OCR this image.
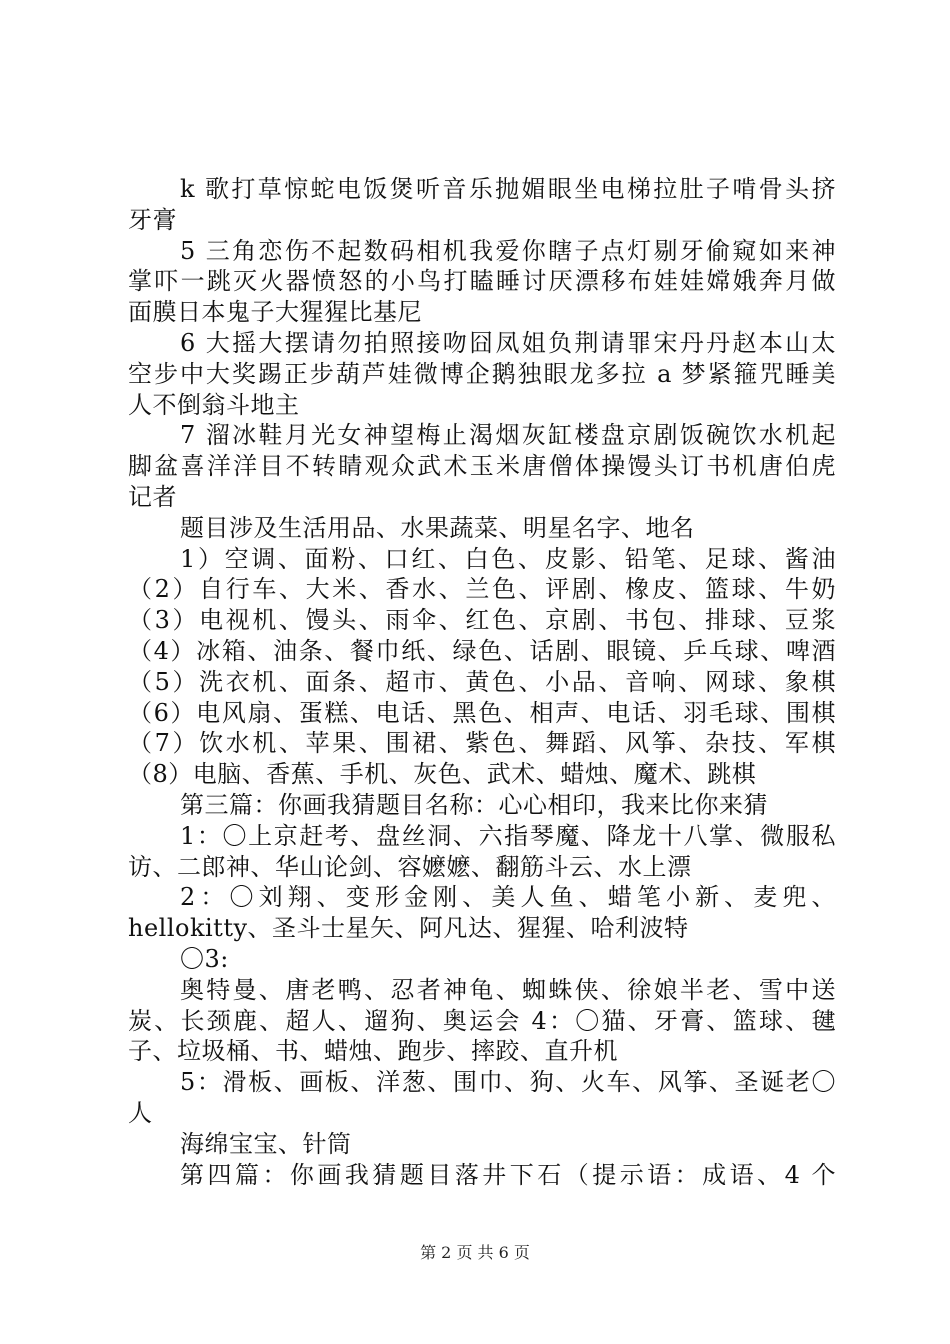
k 歌打草惊蛇电饭煲听音乐抛媚眼坐电梯拉肚子啃骨头挤
牙膏
5 三角恋伤不起数码相机我爱你瞎子点灯剔牙偷窥如来神
掌吓一跳灭火器愤怒的小鸟打瞌睡讨厌漂移布娃娃嫦娥奔月做
面膜日本鬼子大猩猩比基尼
6 大摇大摆请勿拍照接吻囧凤姐负荆请罪宋丹丹赵本山太
空步中大奖踢正步葫芦娃微博企鹅独眼龙多拉 a 梦紧箍咒睡美
人不倒翁斗地主
7 溜冰鞋月光女神望梅止渴烟灰缸楼盘京剧饭碗饮水机起
脚盆喜洋洋目不转睛观众武术玉米唐僧体操馒头订书机唐伯虎
记者
题目涉及生活用品、水果蔬菜、明星名字、地名
1）空调、面粉、口红、白色、皮影、铅笔、足球、酱油
（2）自行车、大米、香水、兰色、评剧、橡皮、篮球、牛奶
（3）电视机、馒头、雨伞、红色、京剧、书包、排球、豆浆
（4）冰箱、油条、餐巾纸、绿色、话剧、眼镜、乒乓球、啤酒
（5）洗衣机、面条、超市、黄色、小品、音响、网球、象棋
（6）电风扇、蛋糕、电话、黑色、相声、电话、羽毛球、围棋
（7）饮水机、苹果、围裙、紫色、舞蹈、风筝、杂技、军棋
（8）电脑、香蕉、手机、灰色、武术、蜡烛、魔术、跳棋
第三篇：你画我猜题目名称：心心相印，我来比你来猜
1：〇上京赶考、盘丝洞、六指琴魔、降龙十八掌、微服私
访、二郎神、华山论剑、容嬷嬷、翻筋斗云、水上漂
2：〇刘翔、变形金刚、美人鱼、蜡笔小新、麦兜、
hellokitty、圣斗士星矢、阿凡达、猩猩、哈利波特
〇3:
奥特曼、唐老鸭、忍者神龟、蜘蛛侠、徐娘半老、雪中送
炭、长颈鹿、超人、遛狗、奥运会 4：〇猫、牙膏、篮球、毽
子、垃圾桶、书、蜡烛、跑步、摔跤、直升机
5：滑板、画板、洋葱、围巾、狗、火车、风筝、圣诞老〇
人
海绵宝宝、针筒
第四篇：你画我猜题目落井下石（提示语：成语、4 个
第 2 页 共 6 页
